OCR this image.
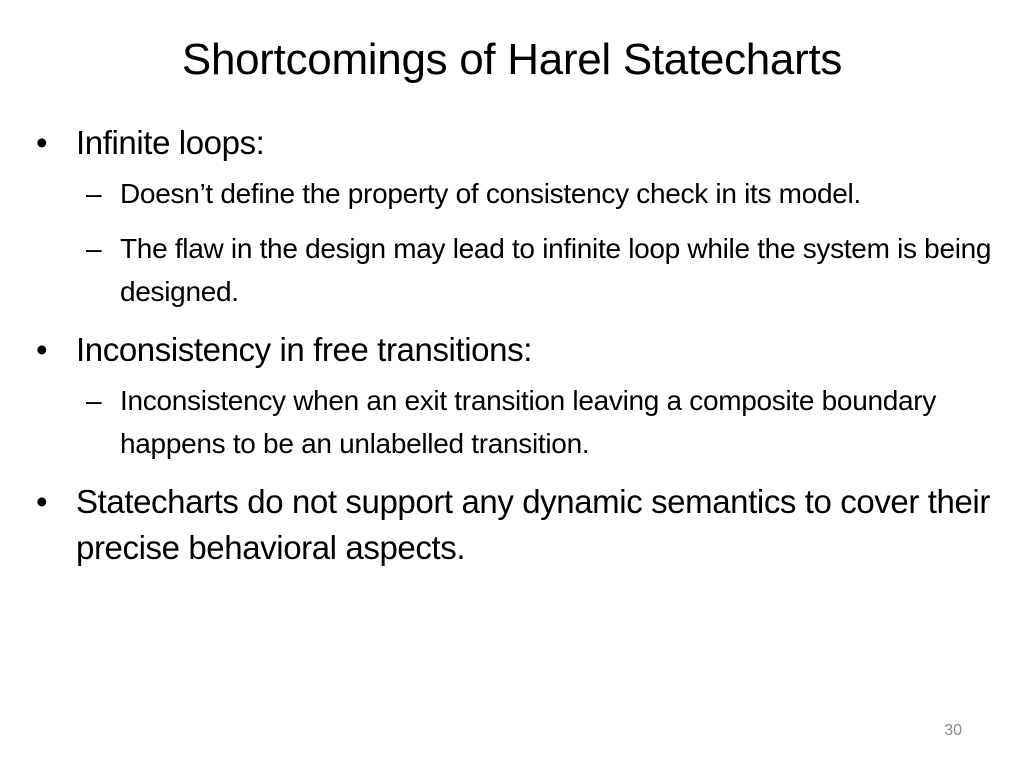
Shortcomings of Harel Statecharts
• Infinite loops:
– Doesn’t define the property of consistency check in its model.
– The flaw in the design may lead to infinite loop while the system is being designed.
• Inconsistency in free transitions:
– Inconsistency when an exit transition leaving a composite boundary happens to be an unlabelled transition.
• Statecharts do not support any dynamic semantics to cover their precise behavioral aspects.
30
